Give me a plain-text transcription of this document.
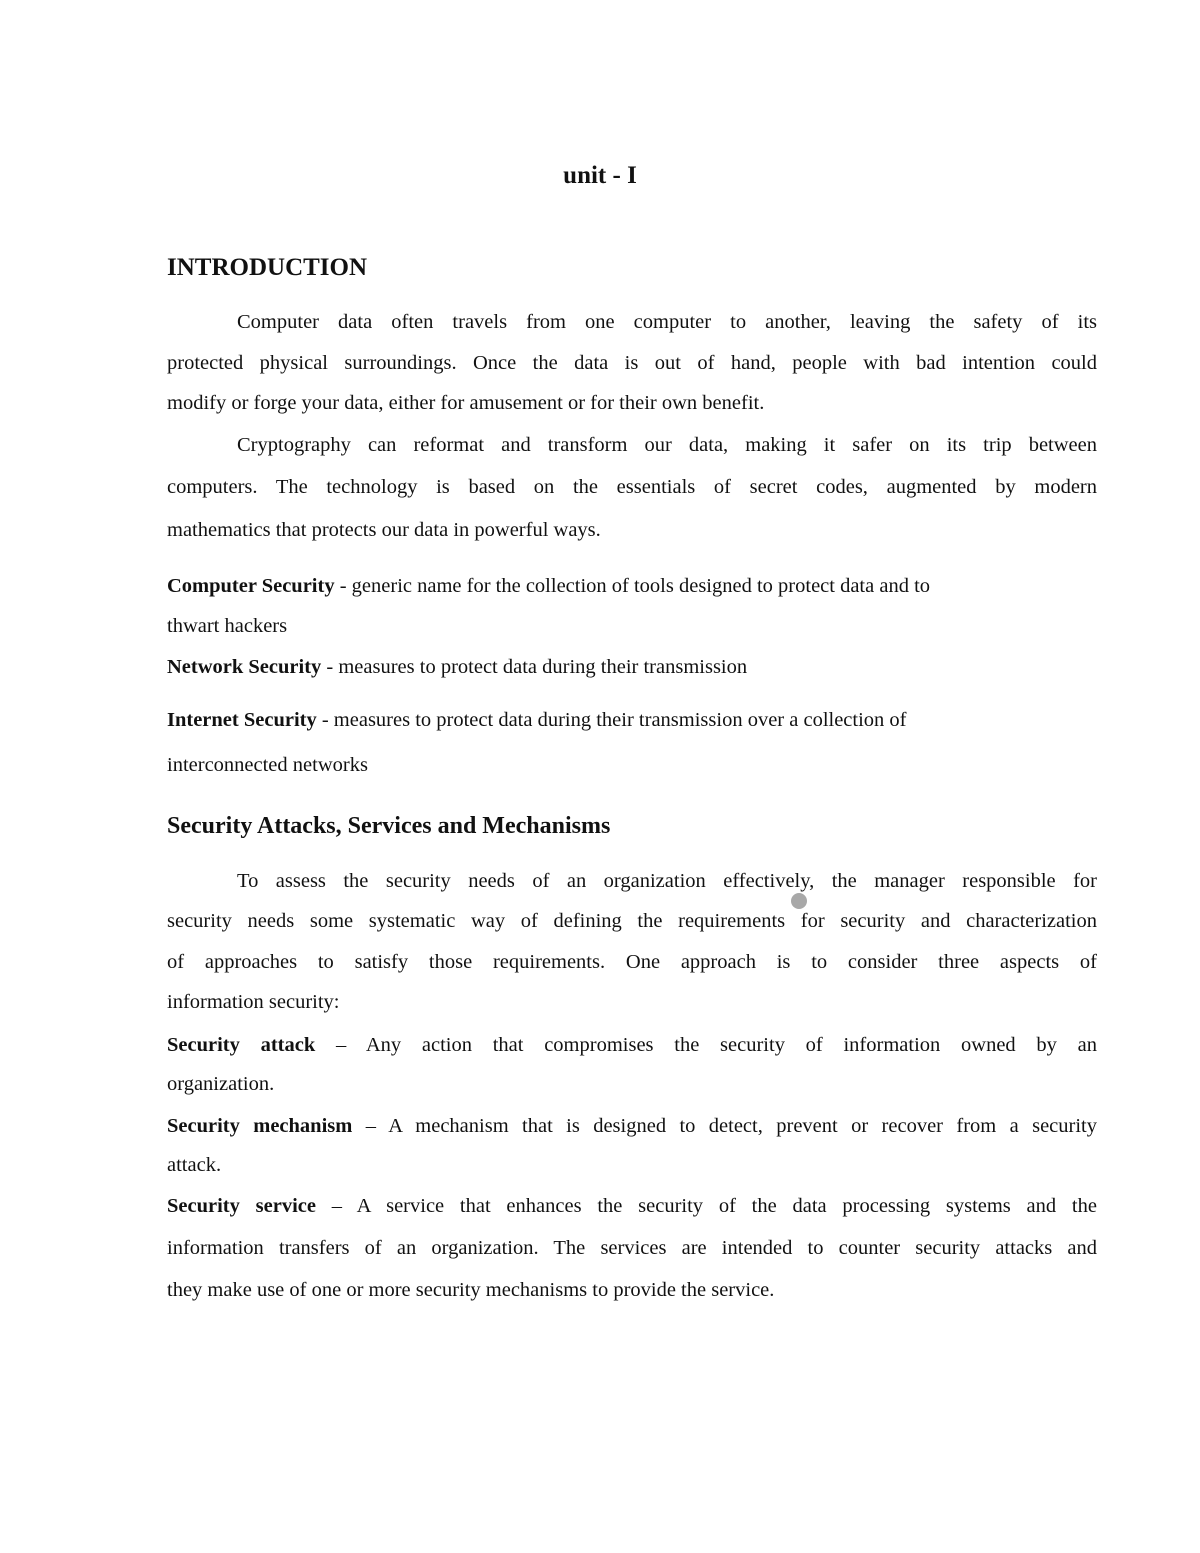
unit - I
INTRODUCTION
Computer data often travels from one computer to another, leaving the safety of its
protected physical surroundings. Once the data is out of hand, people with bad intention could
modify or forge your data, either for amusement or for their own benefit.
Cryptography can reformat and transform our data, making it safer on its trip between
computers. The technology is based on the essentials of secret codes, augmented by modern
mathematics that protects our data in powerful ways.
Computer Security - generic name for the collection of tools designed to protect data and to
thwart hackers
Network Security - measures to protect data during their transmission
Internet Security - measures to protect data during their transmission over a collection of
interconnected networks
Security Attacks, Services and Mechanisms
To assess the security needs of an organization effectively, the manager responsible for
security needs some systematic way of defining the requirements for security and characterization
of approaches to satisfy those requirements. One approach is to consider three aspects of
information security:
Security attack – Any action that compromises the security of information owned by an
organization.
Security mechanism – A mechanism that is designed to detect, prevent or recover from a security
attack.
Security service – A service that enhances the security of the data processing systems and the
information transfers of an organization. The services are intended to counter security attacks and
they make use of one or more security mechanisms to provide the service.
